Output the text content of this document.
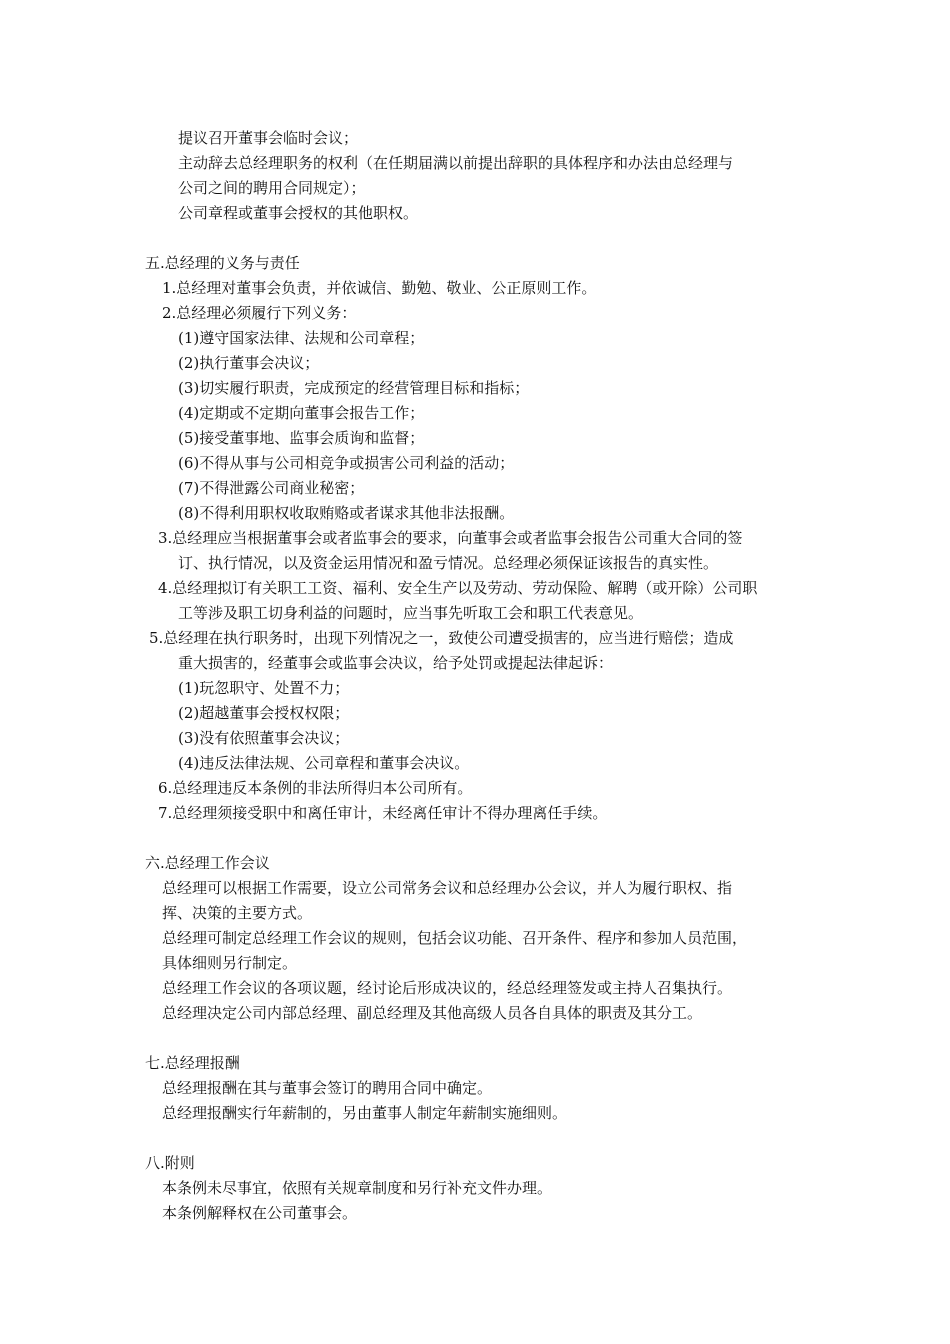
提议召开董事会临时会议；
主动辞去总经理职务的权利（在任期届满以前提出辞职的具体程序和办法由总经理与
公司之间的聘用合同规定）；
公司章程或董事会授权的其他职权。
五.总经理的义务与责任
1.总经理对董事会负责，并依诚信、勤勉、敬业、公正原则工作。
2.总经理必须履行下列义务：
(1)遵守国家法律、法规和公司章程；
(2)执行董事会决议；
(3)切实履行职责，完成预定的经营管理目标和指标；
(4)定期或不定期向董事会报告工作；
(5)接受董事地、监事会质询和监督；
(6)不得从事与公司相竞争或损害公司利益的活动；
(7)不得泄露公司商业秘密；
(8)不得利用职权收取贿赂或者谋求其他非法报酬。
3.总经理应当根据董事会或者监事会的要求，向董事会或者监事会报告公司重大合同的签
订、执行情况，以及资金运用情况和盈亏情况。总经理必须保证该报告的真实性。
4.总经理拟订有关职工工资、福利、安全生产以及劳动、劳动保险、解聘（或开除）公司职
工等涉及职工切身利益的问题时，应当事先听取工会和职工代表意见。
5.总经理在执行职务时，出现下列情况之一，致使公司遭受损害的，应当进行赔偿；造成
重大损害的，经董事会或监事会决议，给予处罚或提起法律起诉：
(1)玩忽职守、处置不力；
(2)超越董事会授权权限；
(3)没有依照董事会决议；
(4)违反法律法规、公司章程和董事会决议。
6.总经理违反本条例的非法所得归本公司所有。
7.总经理须接受职中和离任审计，未经离任审计不得办理离任手续。
六.总经理工作会议
总经理可以根据工作需要，设立公司常务会议和总经理办公会议，并人为履行职权、指
挥、决策的主要方式。
总经理可制定总经理工作会议的规则，包括会议功能、召开条件、程序和参加人员范围，
具体细则另行制定。
总经理工作会议的各项议题，经讨论后形成决议的，经总经理签发或主持人召集执行。
总经理决定公司内部总经理、副总经理及其他高级人员各自具体的职责及其分工。
七.总经理报酬
总经理报酬在其与董事会签订的聘用合同中确定。
总经理报酬实行年薪制的，另由董事人制定年薪制实施细则。
八.附则
本条例未尽事宜，依照有关规章制度和另行补充文件办理。
本条例解释权在公司董事会。
